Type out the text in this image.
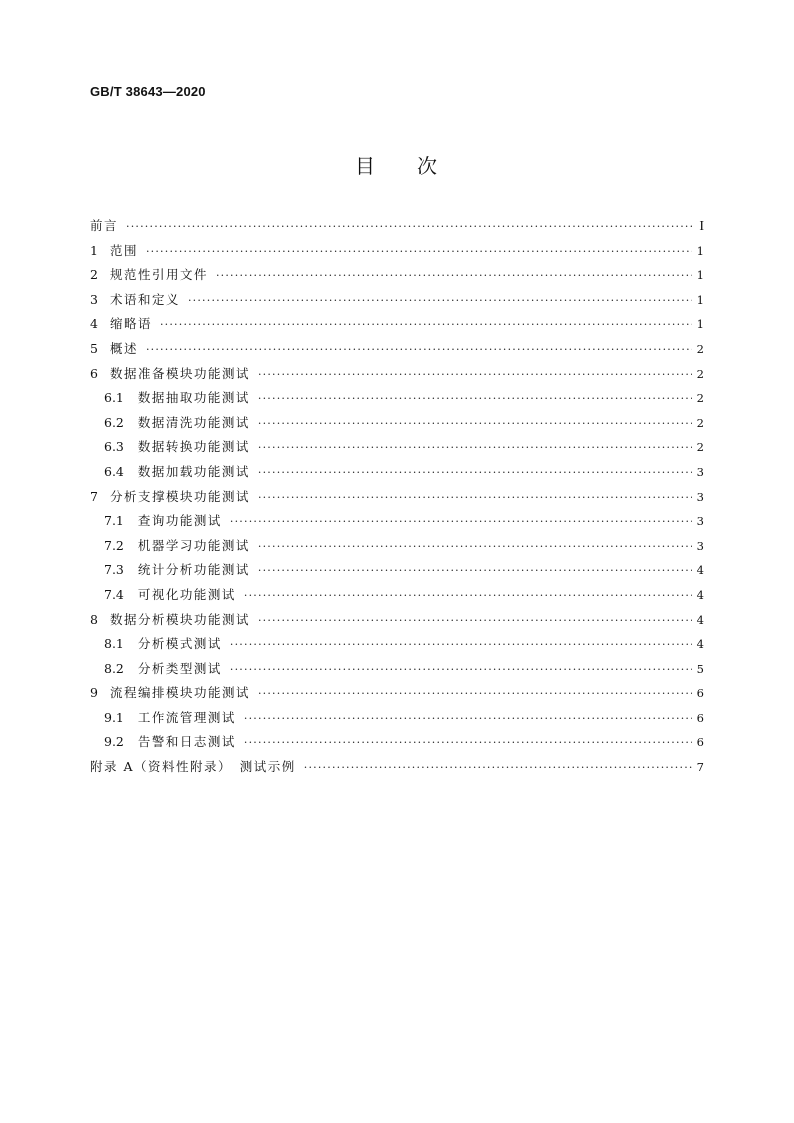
GB/T 38643—2020
目 次
前言 ·····	I
1 范围 ·····	1
2 规范性引用文件 ·····	1
3 术语和定义 ·····	1
4 缩略语 ·····	1
5 概述 ·····	2
6 数据准备模块功能测试 ·····	2
6.1 数据抽取功能测试 ·····	2
6.2 数据清洗功能测试 ·····	2
6.3 数据转换功能测试 ·····	2
6.4 数据加载功能测试 ·····	3
7 分析支撑模块功能测试 ·····	3
7.1 查询功能测试 ·····	3
7.2 机器学习功能测试 ·····	3
7.3 统计分析功能测试 ·····	4
7.4 可视化功能测试 ·····	4
8 数据分析模块功能测试 ·····	4
8.1 分析模式测试 ·····	4
8.2 分析类型测试 ·····	5
9 流程编排模块功能测试 ·····	6
9.1 工作流管理测试 ·····	6
9.2 告警和日志测试 ·····	6
附录 A（资料性附录）　测试示例 ·····	7
